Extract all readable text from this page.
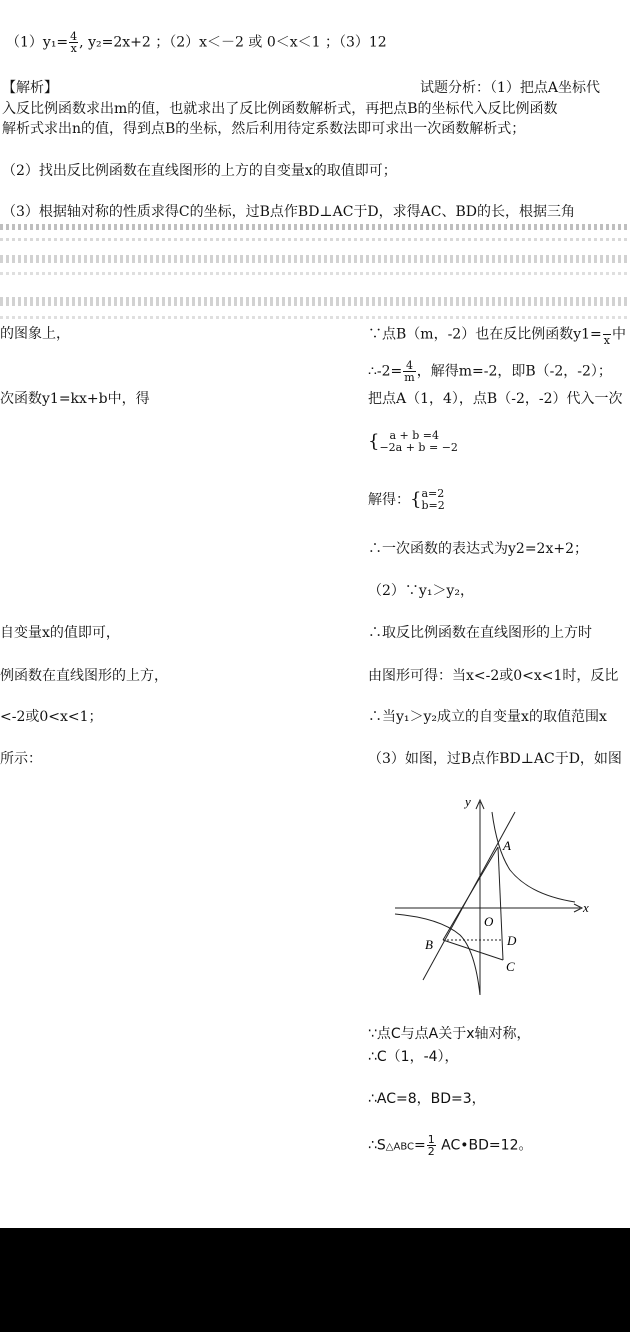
$(1)y_1= \frac{4}{x}$ , y₂=2x+2 ；（2）x＜－2 或 0＜x＜1 ；（3）12
【解析】	试题分析：（1）把点A坐标代
入反比例函数求出m的值，也就求出了反比例函数解析式，再把点B的坐标代入反比例函数
解析式求出n的值，得到点B的坐标，然后利用待定系数法即可求出一次函数解析式；
（2）找出反比例函数在直线图形的上方的自变量x的取值即可；
（3）根据轴对称的性质求得C的坐标，过B点作BD⊥AC于D，求得AC、BD的长，根据三角
的图象上，
次函数y1=kx+b中，得
自变量x的值即可，
例函数在直线图形的上方，
<-2或0<x<1；
所示：
∵点B（m，-2）也在反比例函数y1=
x 中
∴-2= $\frac{4}{m}$ ，解得m=-2，即B（-2，-2）；
把点A（1，4），点B（-2，-2）代入一次
{ a + b =4
−2a + b = −2
解得：{ a=2
b=2
∴一次函数的表达式为y2=2x+2；
（2）∵y₁＞y₂，
∴取反比例函数在直线图形的上方时
由图形可得：当x<-2或0<x<1时，反比
∴当y₁＞y₂成立的自变量x的取值范围x
（3）如图，过B点作BD⊥AC于D，如图
y
x
A
O
B	D
C
∵点C与点A关于x轴对称，
∴C（1，-4），
∴AC=8，BD=3，
∴S△ABC= $\frac{1}{2}$ AC•BD=12。
